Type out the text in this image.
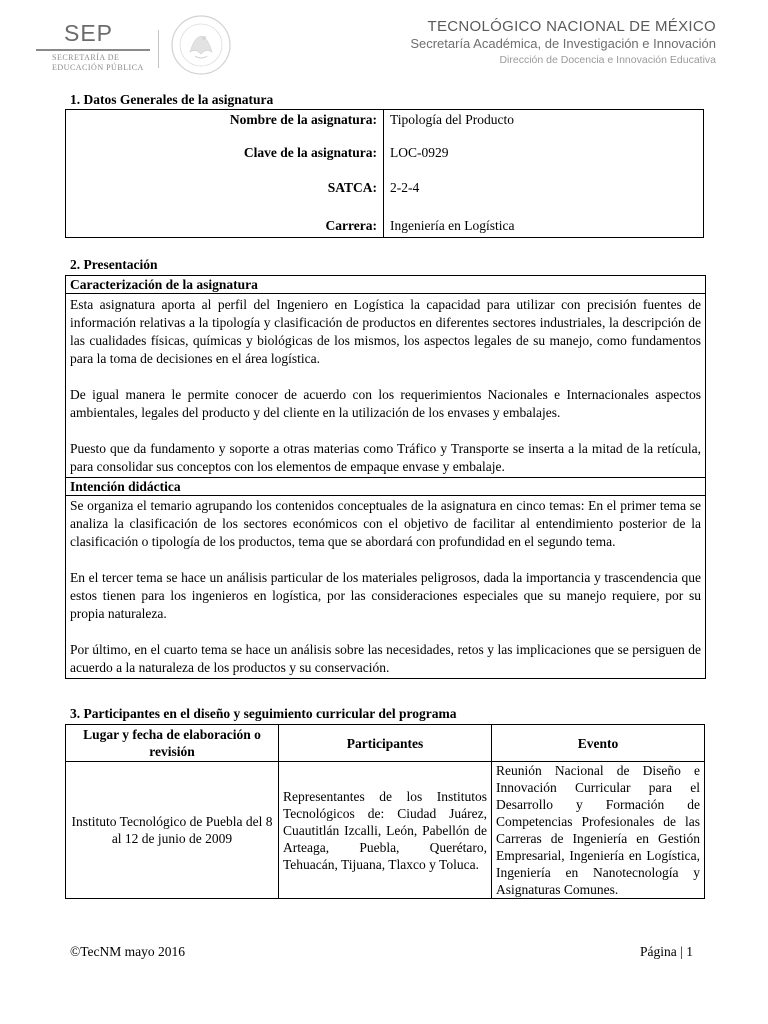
SEP
SECRETARÍA DE
EDUCACIÓN PÚBLICA
TECNOLÓGICO NACIONAL DE MÉXICO
Secretaría Académica, de Investigación e Innovación
Dirección de Docencia e Innovación Educativa
1. Datos Generales de la asignatura
Nombre de la asignatura:	Tipología del Producto
Clave de la asignatura:	LOC-0929
SATCA:	2-2-4
Carrera:	Ingeniería en Logística
2. Presentación
Caracterización de la asignatura

Esta asignatura aporta al perfil del Ingeniero en Logística la capacidad para utilizar con precisión fuentes de información relativas a la tipología y clasificación de productos en diferentes sectores industriales, la descripción de las cualidades físicas, químicas y biológicas de los mismos, los aspectos legales de su manejo, como fundamentos para la toma de decisiones en el área logística.

De igual manera le permite conocer de acuerdo con los requerimientos Nacionales e Internacionales aspectos ambientales, legales del producto y del cliente en la utilización de los envases y embalajes.

Puesto que da fundamento y soporte a otras materias como Tráfico y Transporte se inserta a la mitad de la retícula, para consolidar sus conceptos con los elementos de empaque envase y embalaje.

Intención didáctica

Se organiza el temario agrupando los contenidos conceptuales de la asignatura en cinco temas: En el primer tema se analiza la clasificación de los sectores económicos con el objetivo de facilitar al entendimiento posterior de la clasificación o tipología de los productos, tema que se abordará con profundidad en el segundo tema.

En el tercer tema se hace un análisis particular de los materiales peligrosos, dada la importancia y trascendencia que estos tienen para los ingenieros en logística, por las consideraciones especiales que su manejo requiere, por su propia naturaleza.

Por último, en el cuarto tema se hace un análisis sobre las necesidades, retos y las implicaciones que se persiguen de acuerdo a la naturaleza de los productos y su conservación.

3. Participantes en el diseño y seguimiento curricular del programa
Lugar y fecha de elaboración o revisión	Participantes	Evento
Instituto Tecnológico de Puebla del 8 al 12 de junio de 2009	Representantes de los Institutos Tecnológicos de: Ciudad Juárez, Cuautitlán Izcalli, León, Pabellón de Arteaga, Puebla, Querétaro, Tehuacán, Tijuana, Tlaxco y Toluca.	Reunión Nacional de Diseño e Innovación Curricular para el Desarrollo y Formación de Competencias Profesionales de las Carreras de Ingeniería en Gestión Empresarial, Ingeniería en Logística, Ingeniería en Nanotecnología y Asignaturas Comunes.
©TecNM mayo 2016	Página | 1
